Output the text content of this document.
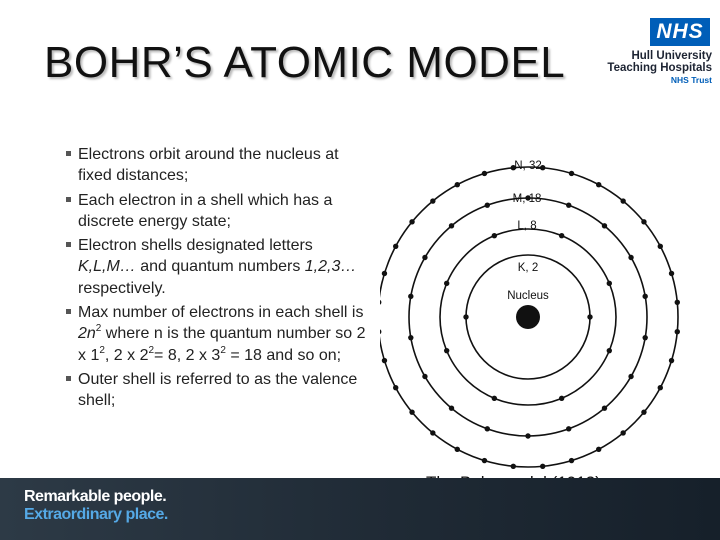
BOHR’S ATOMIC MODEL
NHS
Hull University
Teaching Hospitals
NHS Trust
Electrons orbit around the nucleus at fixed distances;
Each electron in a shell which has a discrete energy state;
Electron shells designated letters K,L,M… and quantum numbers 1,2,3… respectively.
Max number of electrons in each shell is $2n^2$ where n is the quantum number so 2 x $1^2$, 2 x $2^2= 8$, 2 x $3^2 = 18$ and so on;
Outer shell is referred to as the valence shell;
K, 2
L, 8
M, 18
N, 32
Nucleus
Remarkable people.
Extraordinary place.
